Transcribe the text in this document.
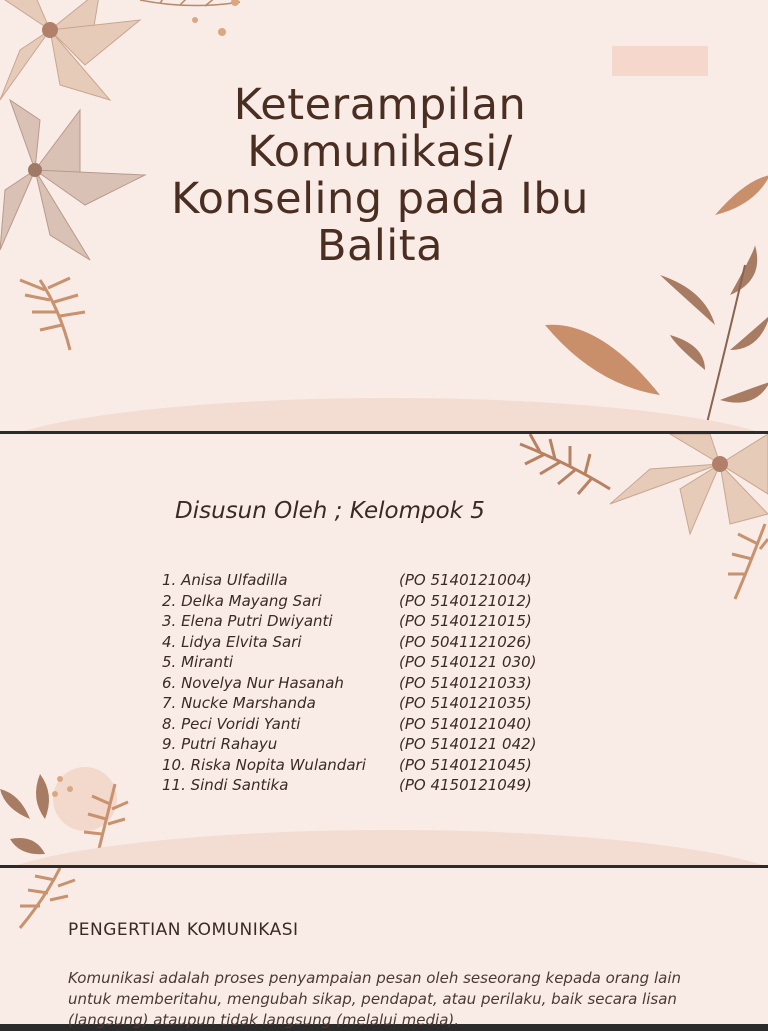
Keterampilan
Komunikasi/
Konseling pada Ibu
Balita
Disusun Oleh ; Kelompok 5
1. Anisa Ulfadilla	(PO 5140121004)
2. Delka Mayang Sari	(PO 5140121012)
3. Elena Putri Dwiyanti	(PO 5140121015)
4. Lidya Elvita Sari	(PO 5041121026)
5. Miranti	(PO 5140121 030)
6. Novelya Nur Hasanah	(PO 5140121033)
7. Nucke Marshanda	(PO 5140121035)
8. Peci Voridi Yanti	(PO 5140121040)
9. Putri Rahayu	(PO 5140121 042)
10. Riska Nopita Wulandari	(PO 5140121045)
11. Sindi Santika	(PO 4150121049)
PENGERTIAN KOMUNIKASI

Komunikasi adalah proses penyampaian pesan oleh seseorang kepada orang lain untuk memberitahu, mengubah sikap, pendapat, atau perilaku, baik secara lisan (langsung) ataupun tidak langsung (melalui media).
